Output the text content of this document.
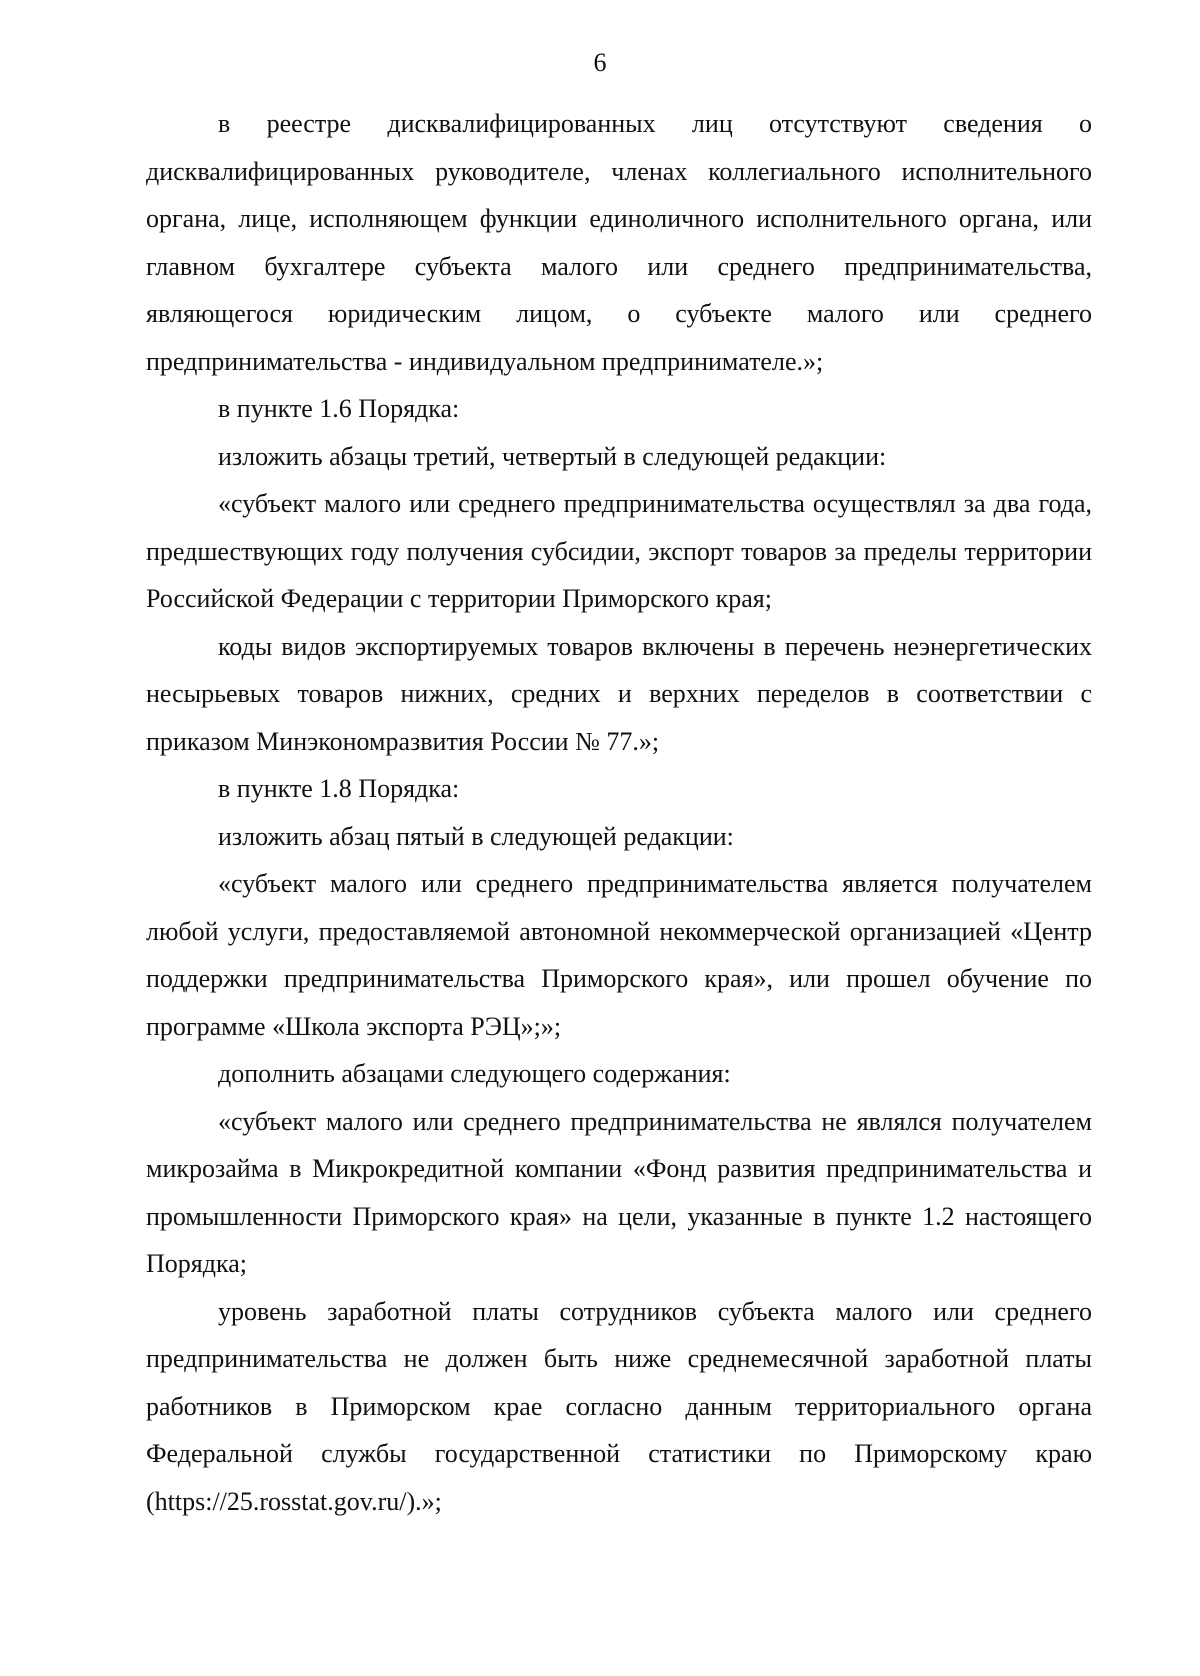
6

в реестре дисквалифицированных лиц отсутствуют сведения о дисквалифицированных руководителе, членах коллегиального исполнительного органа, лице, исполняющем функции единоличного исполнительного органа, или главном бухгалтере субъекта малого или среднего предпринимательства, являющегося юридическим лицом, о субъекте малого или среднего предпринимательства - индивидуальном предпринимателе.»;

в пункте 1.6 Порядка:

изложить абзацы третий, четвертый в следующей редакции:

«субъект малого или среднего предпринимательства осуществлял за два года, предшествующих году получения субсидии, экспорт товаров за пределы территории Российской Федерации с территории Приморского края;

коды видов экспортируемых товаров включены в перечень неэнергетических несырьевых товаров нижних, средних и верхних переделов в соответствии с приказом Минэкономразвития России № 77.»;

в пункте 1.8 Порядка:

изложить абзац пятый в следующей редакции:

«субъект малого или среднего предпринимательства является получателем любой услуги, предоставляемой автономной некоммерческой организацией «Центр поддержки предпринимательства Приморского края», или прошел обучение по программе «Школа экспорта РЭЦ»;»;

дополнить абзацами следующего содержания:

«субъект малого или среднего предпринимательства не являлся получателем микрозайма в Микрокредитной компании «Фонд развития предпринимательства и промышленности Приморского края» на цели, указанные в пункте 1.2 настоящего Порядка;

уровень заработной платы сотрудников субъекта малого или среднего предпринимательства не должен быть ниже среднемесячной заработной платы работников в Приморском крае согласно данным территориального органа Федеральной службы государственной статистики по Приморскому краю (https://25.rosstat.gov.ru/).»;
